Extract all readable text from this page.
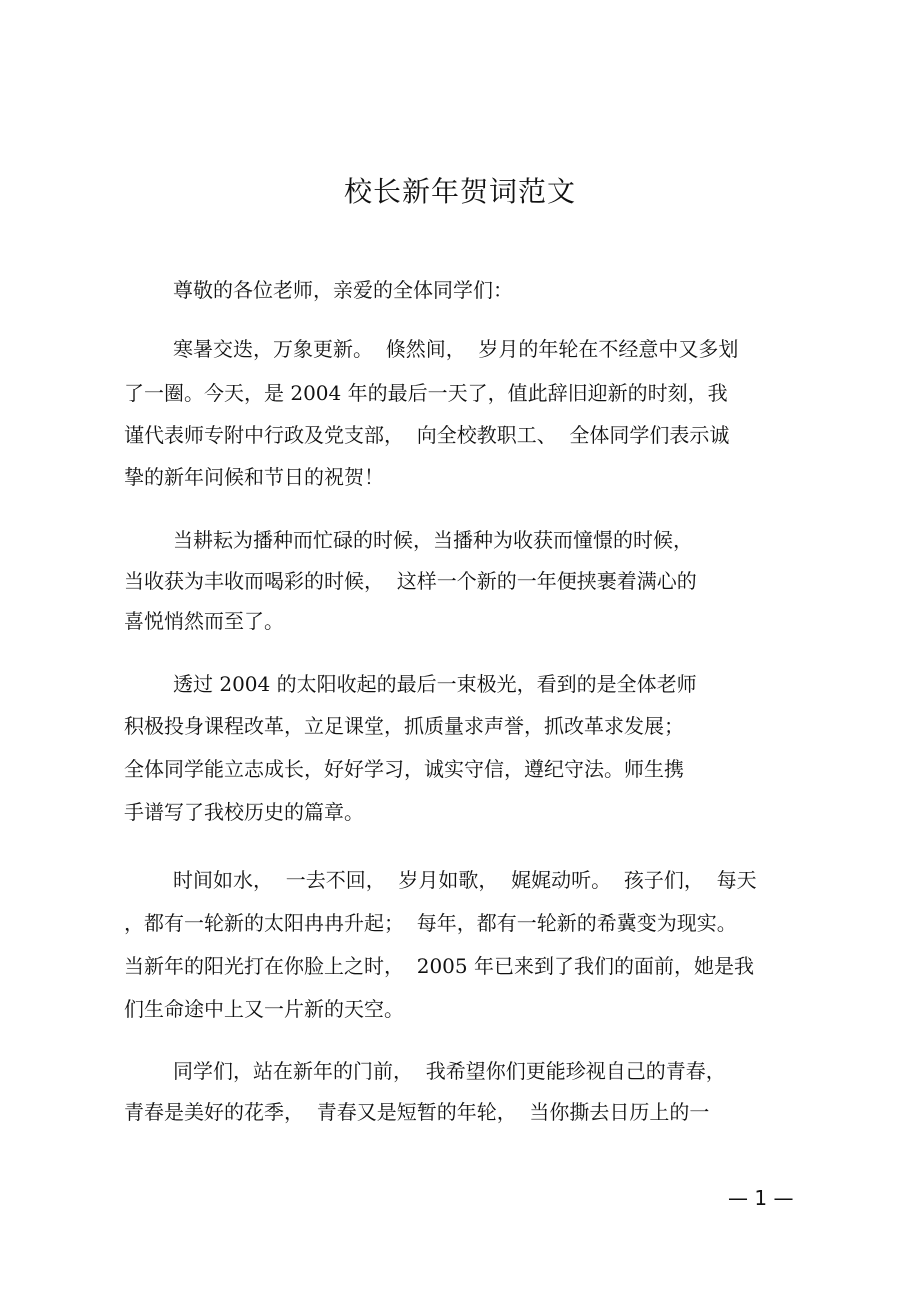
校长新年贺词范文
尊敬的各位老师，亲爱的全体同学们：
寒暑交迭，万象更新。  倏然间，  岁月的年轮在不经意中又多划
了一圈。今天，是 2004 年的最后一天了，值此辞旧迎新的时刻，我
谨代表师专附中行政及党支部，  向全校教职工、  全体同学们表示诚
挚的新年问候和节日的祝贺！
当耕耘为播种而忙碌的时候，当播种为收获而憧憬的时候，
当收获为丰收而喝彩的时候，  这样一个新的一年便挟裹着满心的
喜悦悄然而至了。
透过 2004 的太阳收起的最后一束极光，看到的是全体老师
积极投身课程改革，立足课堂，抓质量求声誉，抓改革求发展；
全体同学能立志成长，好好学习，诚实守信，遵纪守法。师生携
手谱写了我校历史的篇章。
时间如水，  一去不回，  岁月如歌，  娓娓动听。  孩子们，  每天
，都有一轮新的太阳冉冉升起；  每年，都有一轮新的希冀变为现实。
当新年的阳光打在你脸上之时，  2005 年已来到了我们的面前，她是我
们生命途中上又一片新的天空。
同学们，站在新年的门前，  我希望你们更能珍视自己的青春，
青春是美好的花季，  青春又是短暂的年轮，  当你撕去日历上的一
— 1 —
